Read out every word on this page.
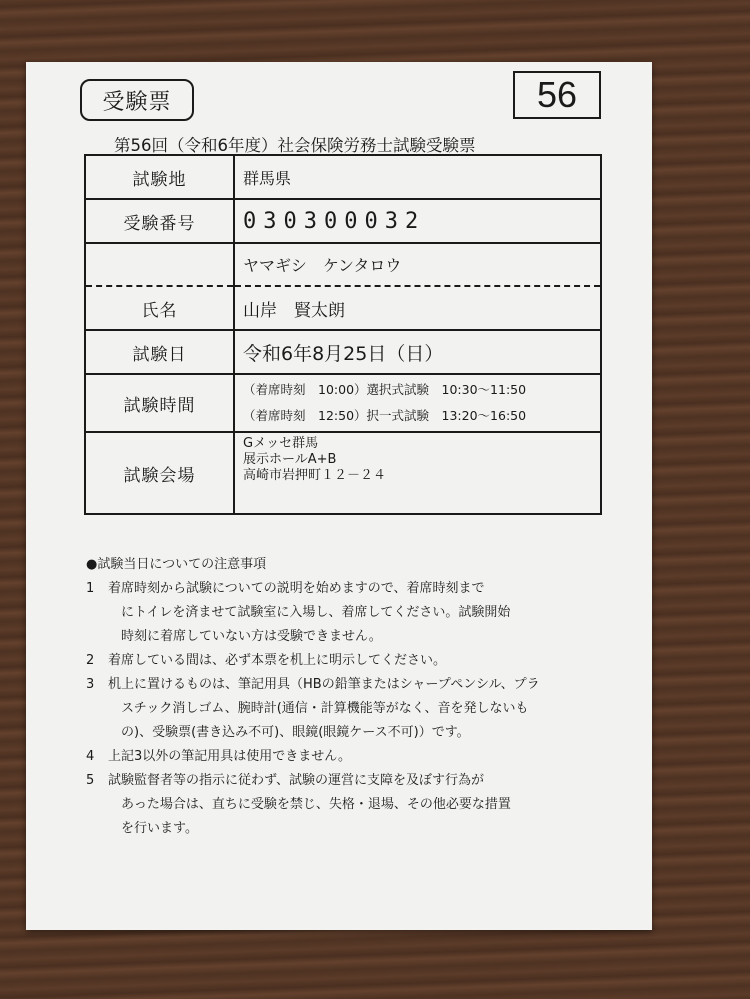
受験票	56
第56回（令和6年度）社会保険労務士試験受験票
試験地	群馬県
受験番号	030300032
	ヤマギシ　ケンタロウ
氏名	山岸　賢太朗
試験日	令和6年8月25日（日）
試験時間	（着席時刻　10:00）選択式試験　10:30～11:50
（着席時刻　12:50）択一式試験　13:20～16:50

試験会場	Gメッセ群馬
展示ホールA+B
高崎市岩押町１２－２４
●試験当日についての注意事項
1 着席時刻から試験についての説明を始めますので、着席時刻まで
にトイレを済ませて試験室に入場し、着席してください。試験開始
時刻に着席していない方は受験できません。
2 着席している間は、必ず本票を机上に明示してください。
3 机上に置けるものは、筆記用具（HBの鉛筆またはシャープペンシル、プラ
スチック消しゴム、腕時計(通信・計算機能等がなく、音を発しないも
の)、受験票(書き込み不可)、眼鏡(眼鏡ケース不可)）です。
4 上記3以外の筆記用具は使用できません。
5 試験監督者等の指示に従わず、試験の運営に支障を及ぼす行為が
あった場合は、直ちに受験を禁じ、失格・退場、その他必要な措置
を行います。
